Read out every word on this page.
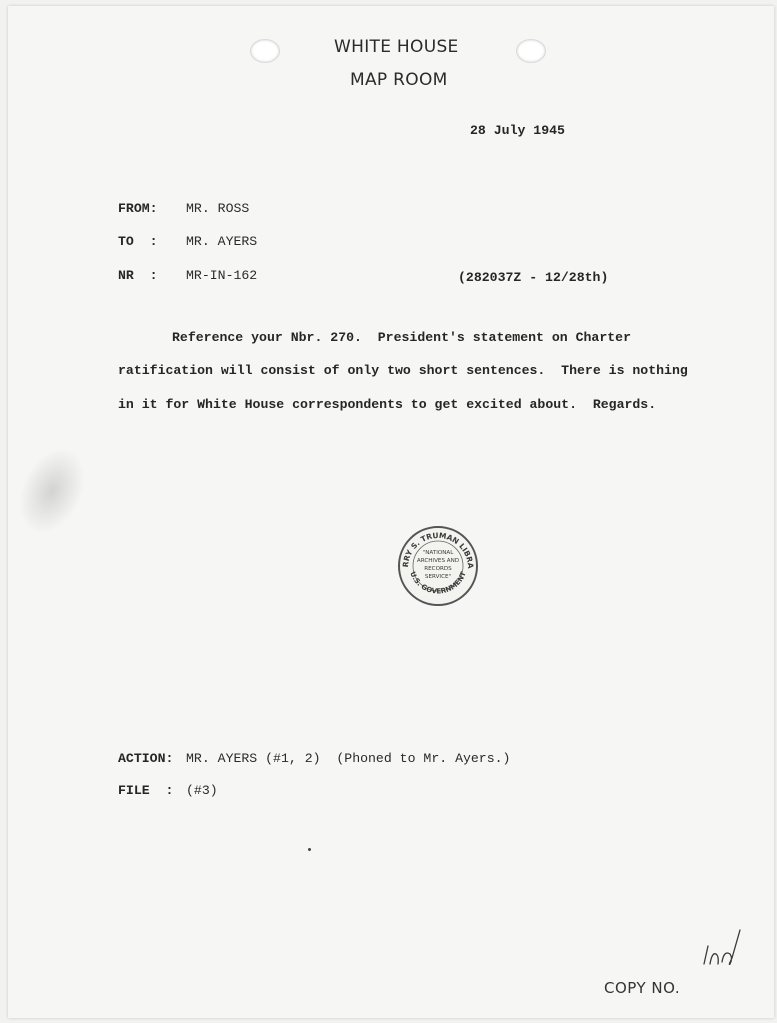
WHITE HOUSE
MAP ROOM
28 July 1945
FROM: MR. ROSS
TO  : MR. AYERS
NR  : MR-IN-162	(282037Z - 12/28th)
Reference your Nbr. 270.  President's statement on Charter
ratification will consist of only two short sentences.  There is nothing
in it for White House correspondents to get excited about.  Regards.
RRY S. TRUMAN LIBRA
U.S. GOVERNMENT
"NATIONAL
ARCHIVES AND
RECORDS
SERVICE"
ACTION: MR. AYERS (#1, 2)  (Phoned to Mr. Ayers.)
FILE  : (#3)
COPY NO.
